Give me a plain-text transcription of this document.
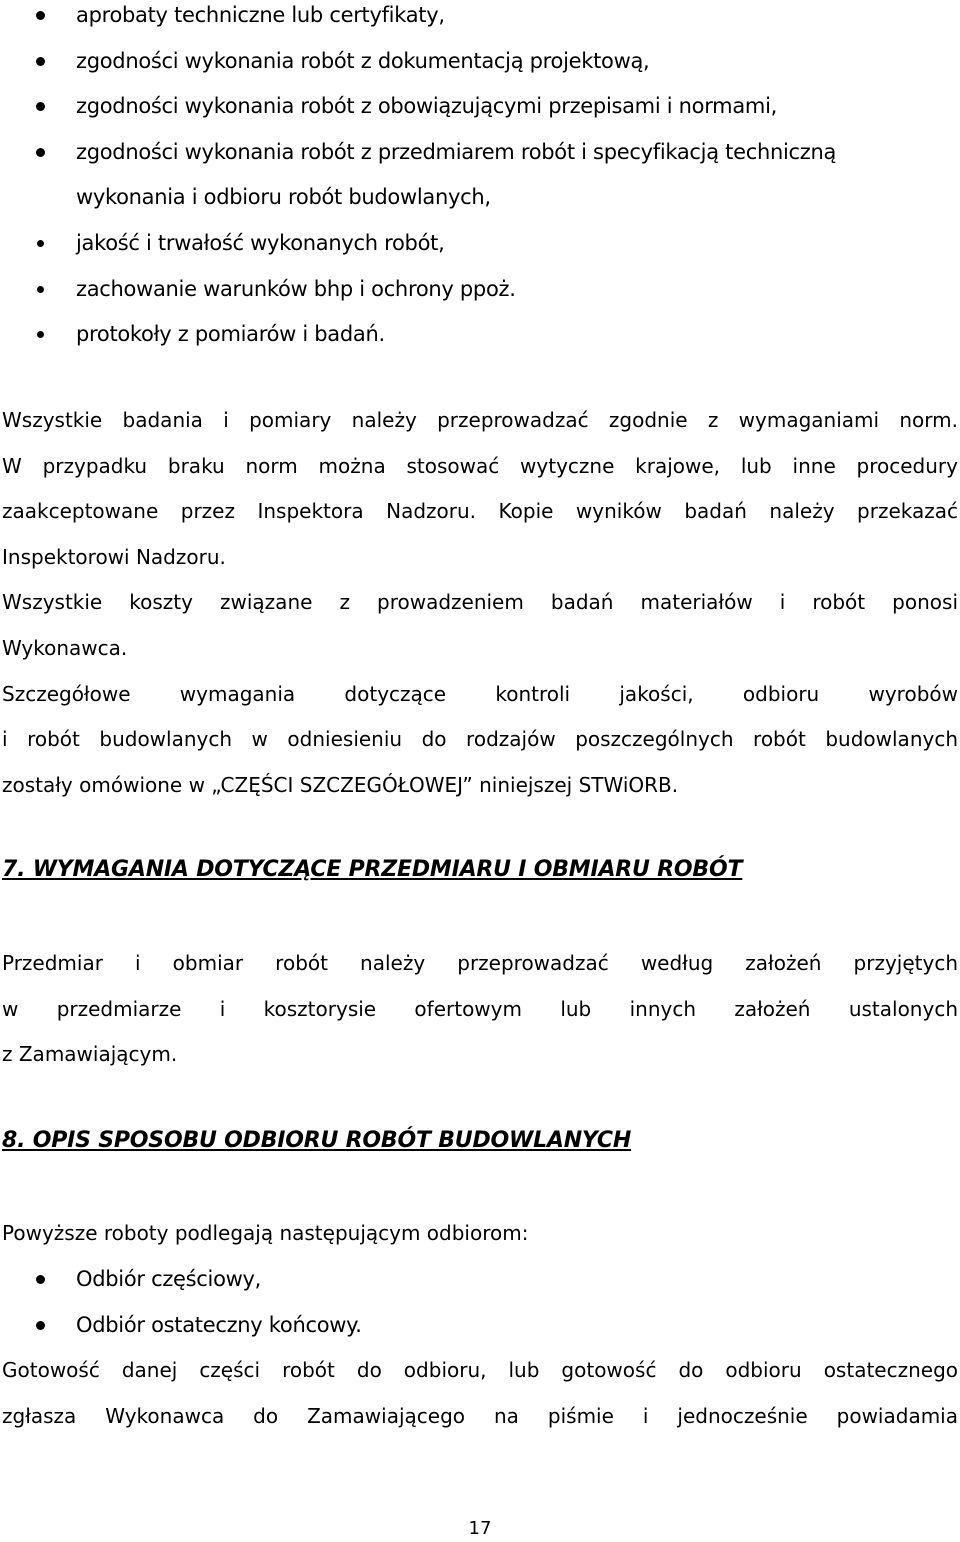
aprobaty techniczne lub certyfikaty,
zgodności wykonania robót z dokumentacją projektową,
zgodności wykonania robót z obowiązującymi przepisami i normami,
zgodności wykonania robót z przedmiarem robót i specyfikacją techniczną
wykonania i odbioru robót budowlanych,
jakość i trwałość wykonanych robót,
zachowanie warunków bhp i ochrony ppoż.
protokoły z pomiarów i badań.
Wszystkie badania i pomiary należy przeprowadzać zgodnie z wymaganiami norm.
W przypadku braku norm można stosować wytyczne krajowe, lub inne procedury
zaakceptowane przez Inspektora Nadzoru. Kopie wyników badań należy przekazać
Inspektorowi Nadzoru.
Wszystkie koszty związane z prowadzeniem badań materiałów i robót ponosi
Wykonawca.
Szczegółowe wymagania dotyczące kontroli jakości, odbioru wyrobów
i robót budowlanych w odniesieniu do rodzajów poszczególnych robót budowlanych
zostały omówione w „CZĘŚCI SZCZEGÓŁOWEJ” niniejszej STWiORB.
7. WYMAGANIA DOTYCZĄCE PRZEDMIARU I OBMIARU ROBÓT
Przedmiar i obmiar robót należy przeprowadzać według założeń przyjętych
w przedmiarze i kosztorysie ofertowym lub innych założeń ustalonych
z Zamawiającym.
8. OPIS SPOSOBU ODBIORU ROBÓT BUDOWLANYCH
Powyższe roboty podlegają następującym odbiorom:
Odbiór częściowy,
Odbiór ostateczny końcowy.
Gotowość danej części robót do odbioru, lub gotowość do odbioru ostatecznego
zgłasza Wykonawca do Zamawiającego na piśmie i jednocześnie powiadamia
17
